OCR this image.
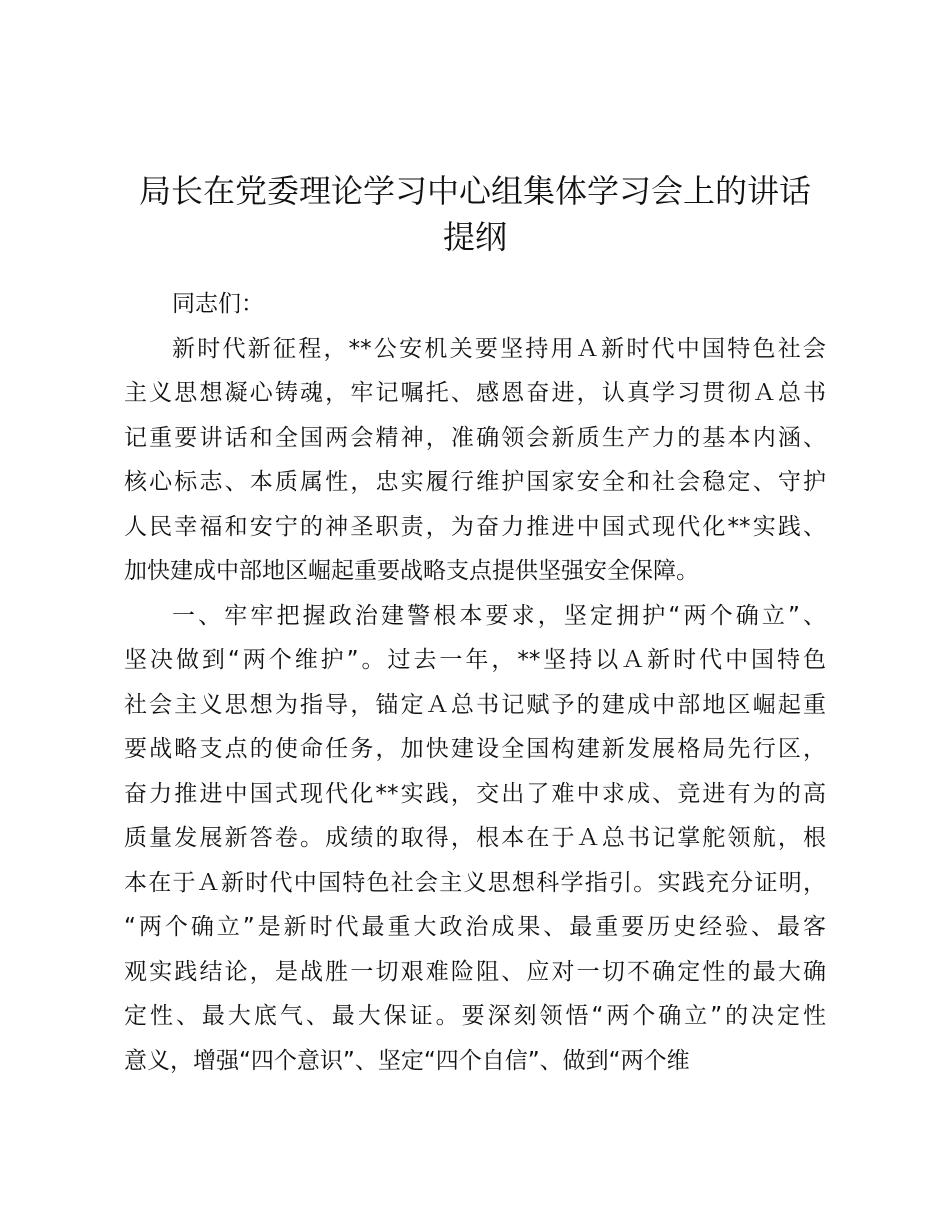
局长在党委理论学习中心组集体学习会上的讲话提纲
同志们：
新时代新征程，**公安机关要坚持用Ａ新时代中国特色社会
主义思想凝心铸魂，牢记嘱托、感恩奋进，认真学习贯彻Ａ总书
记重要讲话和全国两会精神，准确领会新质生产力的基本内涵、
核心标志、本质属性，忠实履行维护国家安全和社会稳定、守护
人民幸福和安宁的神圣职责，为奋力推进中国式现代化**实践、
加快建成中部地区崛起重要战略支点提供坚强安全保障。
一、牢牢把握政治建警根本要求，坚定拥护“两个确立”、
坚决做到“两个维护”。过去一年，**坚持以Ａ新时代中国特色
社会主义思想为指导，锚定Ａ总书记赋予的建成中部地区崛起重
要战略支点的使命任务，加快建设全国构建新发展格局先行区，
奋力推进中国式现代化**实践，交出了难中求成、竞进有为的高
质量发展新答卷。成绩的取得，根本在于Ａ总书记掌舵领航，根
本在于Ａ新时代中国特色社会主义思想科学指引。实践充分证明，
“两个确立”是新时代最重大政治成果、最重要历史经验、最客
观实践结论，是战胜一切艰难险阻、应对一切不确定性的最大确
定性、最大底气、最大保证。要深刻领悟“两个确立”的决定性
意义，增强“四个意识”、坚定“四个自信”、做到“两个维
